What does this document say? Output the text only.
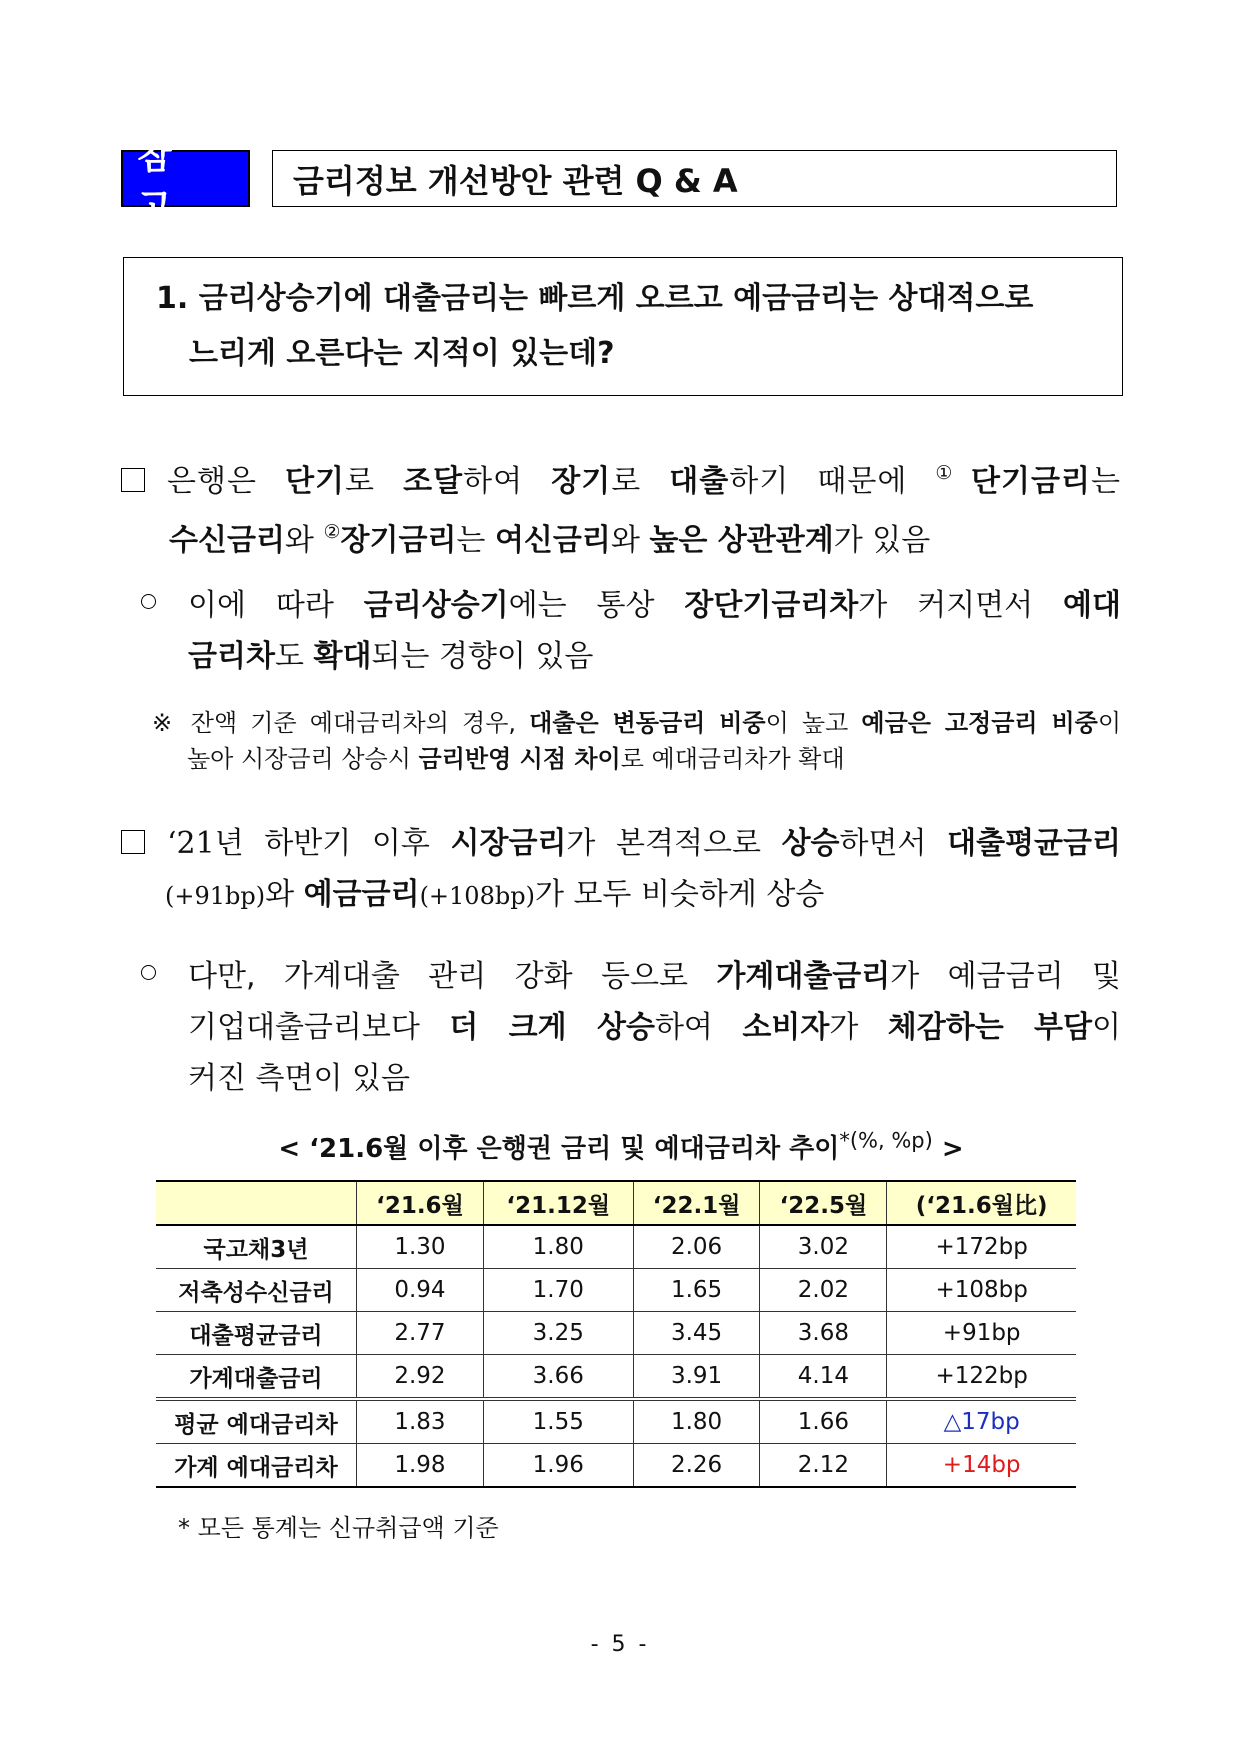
참 고
금리정보 개선방안 관련 Q & A
1. 금리상승기에 대출금리는 빠르게 오르고 예금금리는 상대적으로
느리게 오른다는 지적이 있는데?
은행은 단기로 조달하여 장기로 대출하기 때문에 ①단기금리는
수신금리와 ②장기금리는 여신금리와 높은 상관관계가 있음
이에 따라 금리상승기에는 통상 장단기금리차가 커지면서 예대
금리차도 확대되는 경향이 있음
※ 잔액 기준 예대금리차의 경우, 대출은 변동금리 비중이 높고 예금은 고정금리 비중이
높아 시장금리 상승시 금리반영 시점 차이로 예대금리차가 확대
‘21년 하반기 이후 시장금리가 본격적으로 상승하면서 대출평균금리
(+91bp)와 예금금리(+108bp)가 모두 비슷하게 상승
다만, 가계대출 관리 강화 등으로 가계대출금리가 예금금리 및
기업대출금리보다 더 크게 상승하여 소비자가 체감하는 부담이
커진 측면이 있음
< ‘21.6월 이후 은행권 금리 및 예대금리차 추이$^{*(\%, \%p)}$ >
	‘21.6월	‘21.12월	‘22.1월	‘22.5월	(‘21.6월比)
국고채3년	1.30	1.80	2.06	3.02	+172bp
저축성수신금리	0.94	1.70	1.65	2.02	+108bp
대출평균금리	2.77	3.25	3.45	3.68	+91bp
가계대출금리	2.92	3.66	3.91	4.14	+122bp
평균 예대금리차	1.83	1.55	1.80	1.66	△17bp
가계 예대금리차	1.98	1.96	2.26	2.12	+14bp
* 모든 통계는 신규취급액 기준
- 5 -
